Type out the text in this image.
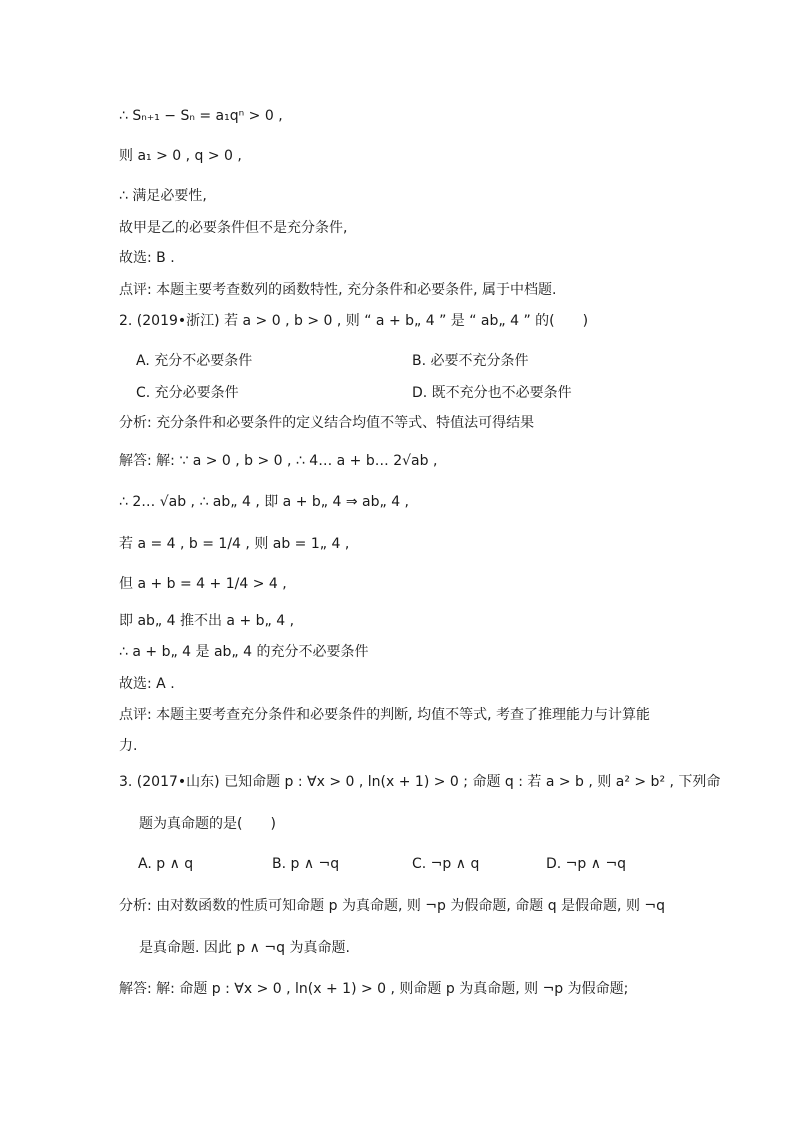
∴ Sₙ₊₁ − Sₙ = a₁qⁿ > 0 ,
则 a₁ > 0 , q > 0 ,
∴ 满足必要性,
故甲是乙的必要条件但不是充分条件,
故选: B .
点评: 本题主要考查数列的函数特性, 充分条件和必要条件, 属于中档题.
2. (2019•浙江) 若 a > 0 , b > 0 , 则 “ a + b„ 4 ” 是 “ ab„ 4 ” 的(　　)
A. 充分不必要条件	B. 必要不充分条件
C. 充分必要条件	D. 既不充分也不必要条件
分析: 充分条件和必要条件的定义结合均值不等式、特值法可得结果
解答: 解: ∵ a > 0 , b > 0 , ∴ 4… a + b… 2√ab ,
∴ 2… √ab , ∴ ab„ 4 , 即 a + b„ 4 ⇒ ab„ 4 ,
若 a = 4 , b = 1/4 , 则 ab = 1„ 4 ,
但 a + b = 4 + 1/4 > 4 ,
即 ab„ 4 推不出 a + b„ 4 ,
∴ a + b„ 4 是 ab„ 4 的充分不必要条件
故选: A .
点评: 本题主要考查充分条件和必要条件的判断, 均值不等式, 考查了推理能力与计算能
力.
3. (2017•山东) 已知命题 p : ∀x > 0 , ln(x + 1) > 0 ; 命题 q : 若 a > b , 则 a² > b² , 下列命
题为真命题的是(　　)
A. p ∧ q	B. p ∧ ¬q	C. ¬p ∧ q	D. ¬p ∧ ¬q
分析: 由对数函数的性质可知命题 p 为真命题, 则 ¬p 为假命题, 命题 q 是假命题, 则 ¬q
是真命题. 因此 p ∧ ¬q 为真命题.
解答: 解: 命题 p : ∀x > 0 , ln(x + 1) > 0 , 则命题 p 为真命题, 则 ¬p 为假命题;
